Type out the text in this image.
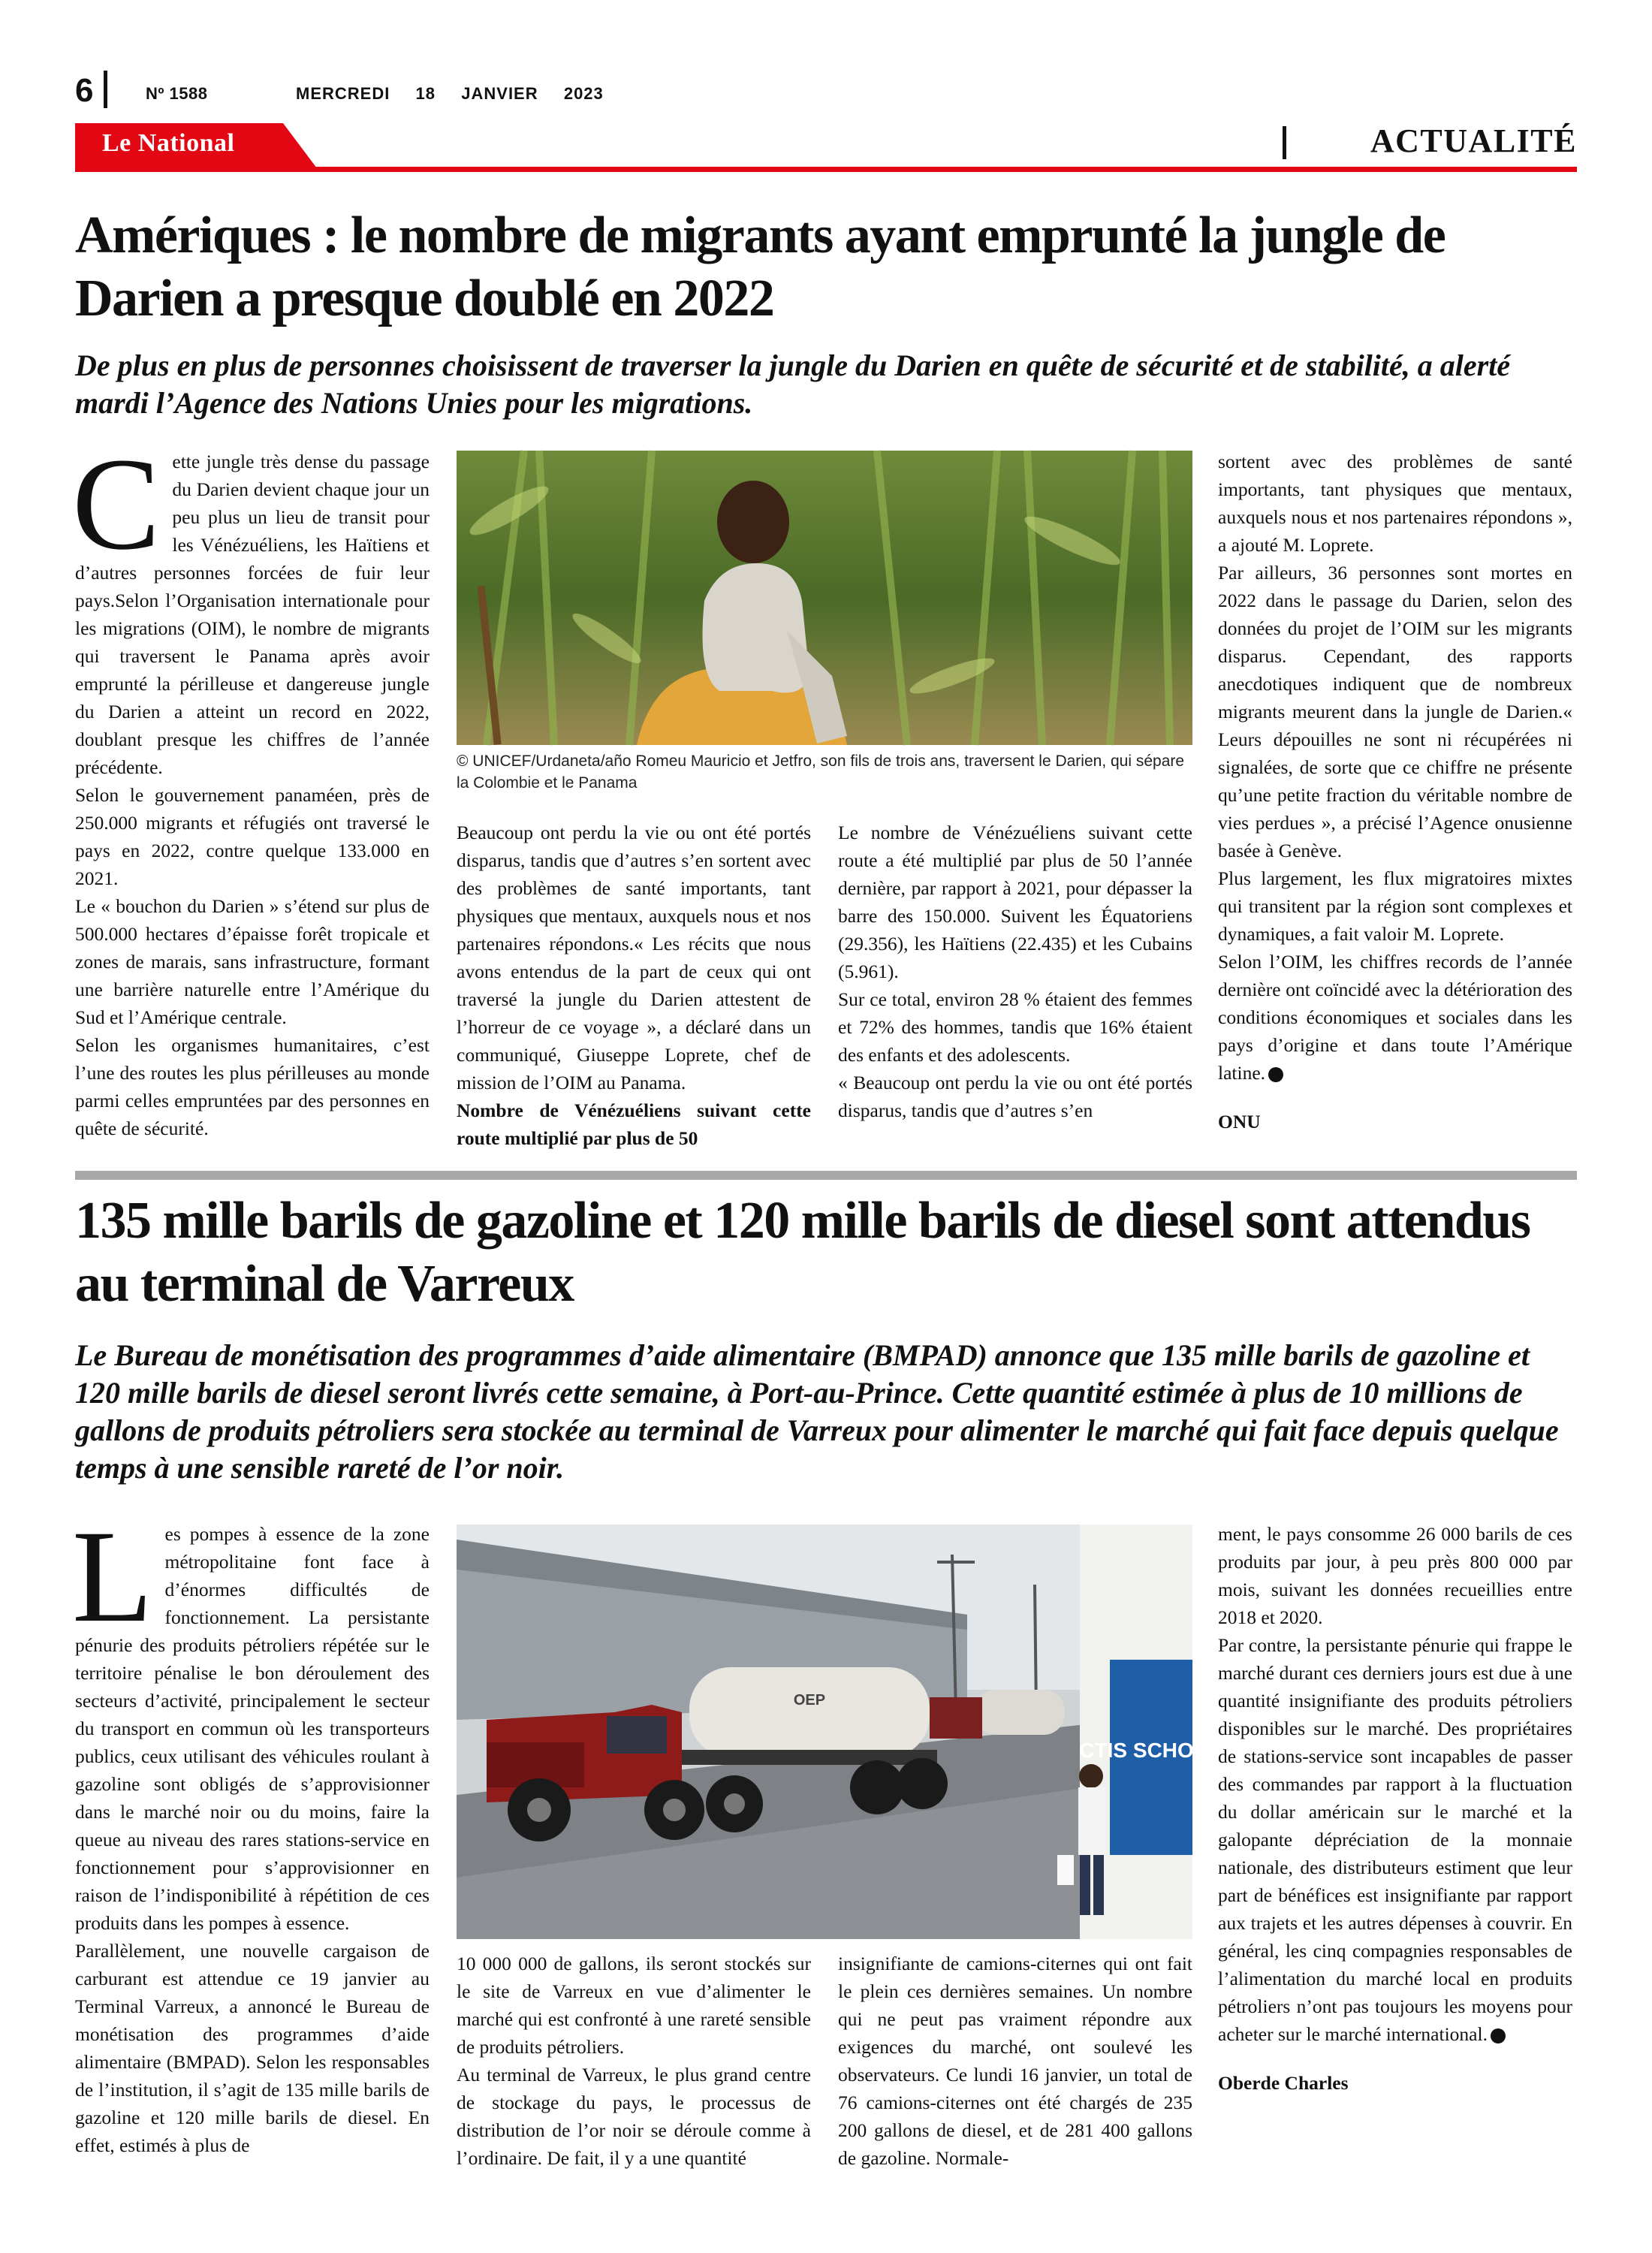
6	Nº 1588	MERCREDI  18  JANVIER  2023
Le National	ACTUALITÉ
Amériques : le nombre de migrants ayant emprunté la jungle de Darien a presque doublé en 2022

De plus en plus de personnes choisissent de traverser la jungle du Darien en quête de sécurité et de stabilité, a alerté mardi l’Agence des Nations Unies pour les migrations.

Cette jungle très dense du passage du Darien devient chaque jour un peu plus un lieu de transit pour les Vénézuéliens, les Haïtiens et d’autres personnes forcées de fuir leur pays.Selon l’Organisation internationale pour les migrations (OIM), le nombre de migrants qui traversent le Panama après avoir emprunté la périlleuse et dangereuse jungle du Darien a atteint un record en 2022, doublant presque les chiffres de l’année précédente.

Selon le gouvernement panaméen, près de 250.000 migrants et réfugiés ont traversé le pays en 2022, contre quelque 133.000 en 2021.

Le « bouchon du Darien » s’étend sur plus de 500.000 hectares d’épaisse forêt tropicale et zones de marais, sans infrastructure, formant une barrière naturelle entre l’Amérique du Sud et l’Amérique centrale.

Selon les organismes humanitaires, c’est l’une des routes les plus périlleuses au monde parmi celles empruntées par des personnes en quête de sécurité.

© UNICEF/Urdaneta/año Romeu Mauricio et Jetfro, son fils de trois ans, traversent le Darien, qui sépare la Colombie et le Panama

Beaucoup ont perdu la vie ou ont été portés disparus, tandis que d’autres s’en sortent avec des problèmes de santé importants, tant physiques que mentaux, auxquels nous et nos partenaires répondons.« Les récits que nous avons entendus de la part de ceux qui ont traversé la jungle du Darien attestent de l’horreur de ce voyage », a déclaré dans un communiqué, Giuseppe Loprete, chef de mission de l’OIM au Panama.

Nombre de Vénézuéliens suivant cette route multiplié par plus de 50

Le nombre de Vénézuéliens suivant cette route a été multiplié par plus de 50 l’année dernière, par rapport à 2021, pour dépasser la barre des 150.000. Suivent les Équatoriens (29.356), les Haïtiens (22.435) et les Cubains (5.961).

Sur ce total, environ 28 % étaient des femmes et 72% des hommes, tandis que 16% étaient des enfants et des adolescents.

« Beaucoup ont perdu la vie ou ont été portés disparus, tandis que d’autres s’en

sortent avec des problèmes de santé importants, tant physiques que mentaux, auxquels nous et nos partenaires répondons », a ajouté M. Loprete.

Par ailleurs, 36 personnes sont mortes en 2022 dans le passage du Darien, selon des données du projet de l’OIM sur les migrants disparus. Cependant, des rapports anecdotiques indiquent que de nombreux migrants meurent dans la jungle de Darien.« Leurs dépouilles ne sont ni récupérées ni signalées, de sorte que ce chiffre ne présente qu’une petite fraction du véritable nombre de vies perdues », a précisé l’Agence onusienne basée à Genève.

Plus largement, les flux migratoires mixtes qui transitent par la région sont complexes et dynamiques, a fait valoir M. Loprete.

Selon l’OIM, les chiffres records de l’année dernière ont coïncidé avec la détérioration des conditions économiques et sociales dans les pays d’origine et dans toute l’Amérique latine.

ONU

135 mille barils de gazoline et 120 mille barils de diesel sont attendus au terminal de Varreux

Le Bureau de monétisation des programmes d’aide alimentaire (BMPAD) annonce que 135 mille barils de gazoline et 120 mille barils de diesel seront livrés cette semaine, à Port-au-Prince. Cette quantité estimée à plus de 10 millions de gallons de produits pétroliers sera stockée au terminal de Varreux pour alimenter le marché qui fait face depuis quelque temps à une sensible rareté de l’or noir.

Les pompes à essence de la zone métropolitaine font face à d’énormes difficultés de fonctionnement. La persistante pénurie des produits pétroliers répétée sur le territoire pénalise le bon déroulement des secteurs d’activité, principalement le secteur du transport en commun où les transporteurs publics, ceux utilisant des véhicules roulant à gazoline sont obligés de s’approvisionner dans le marché noir ou du moins, faire la queue au niveau des rares stations-service en fonctionnement pour s’approvisionner en raison de l’indisponibilité à répétition de ces produits dans les pompes à essence.

Parallèlement, une nouvelle cargaison de carburant est attendue ce 19 janvier au Terminal Varreux, a annoncé le Bureau de monétisation des programmes d’aide alimentaire (BMPAD). Selon les responsables de l’institution, il s’agit de 135 mille barils de gazoline et 120 mille barils de diesel. En effet, estimés à plus de

CTIS SCHOOL
OEP

10 000 000 de gallons, ils seront stockés sur le site de Varreux en vue d’alimenter le marché qui est confronté à une rareté sensible de produits pétroliers.

Au terminal de Varreux, le plus grand centre de stockage du pays, le processus de distribution de l’or noir se déroule comme à l’ordinaire. De fait, il y a une quantité

insignifiante de camions-citernes qui ont fait le plein ces dernières semaines. Un nombre qui ne peut pas vraiment répondre aux exigences du marché, ont soulevé les observateurs. Ce lundi 16 janvier, un total de 76 camions-citernes ont été chargés de 235 200 gallons de diesel, et de 281 400 gallons de gazoline. Normale-

ment, le pays consomme 26 000 barils de ces produits par jour, à peu près 800 000 par mois, suivant les données recueillies entre 2018 et 2020.

Par contre, la persistante pénurie qui frappe le marché durant ces derniers jours est due à une quantité insignifiante des produits pétroliers disponibles sur le marché. Des propriétaires de stations-service sont incapables de passer des commandes par rapport à la fluctuation du dollar américain sur le marché et la galopante dépréciation de la monnaie nationale, des distributeurs estiment que leur part de bénéfices est insignifiante par rapport aux trajets et les autres dépenses à couvrir. En général, les cinq compagnies responsables de l’alimentation du marché local en produits pétroliers n’ont pas toujours les moyens pour acheter sur le marché international.

Oberde Charles
